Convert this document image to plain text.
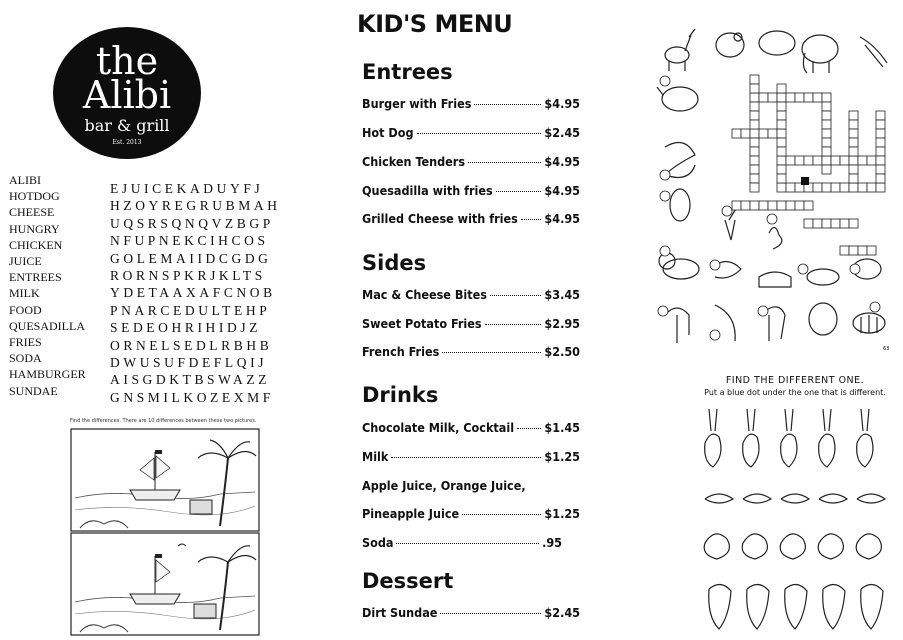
the
Alibi
bar & grill
Est. 2013
ALIBI
HOTDOG
CHEESE
HUNGRY
CHICKEN
JUICE
ENTREES
MILK
FOOD
QUESADILLA
FRIES
SODA
HAMBURGER
SUNDAE
EJUICEKADUYFJ
HZOYREGRUBMAH
UQSRSQNQVZBGP
NFUPNEKCIHCOS
GOLEMAIIDCGDG
RORNSPKRJKLTS
YDETAAXAFCNOB
PNARCEDULTEHP
SEDEOHRIHIDJZ
ORNELSEDLRBHB
DWUSUFDEFLQIJ
AISGDKTBSWAZZ
GNSMILKOZEXMF
Find the differences. There are 10 differences between these two pictures.
KID'S MENU
Entrees
Burger with Fries	$4.95
Hot Dog	$2.45
Chicken Tenders	$4.95
Quesadilla with fries	$4.95
Grilled Cheese with fries $4.95
Sides
Mac & Cheese Bites	$3.45
Sweet Potato Fries	$2.95
French Fries	$2.50
Drinks
Chocolate Milk, Cocktail $1.45
Milk	$1.25
Apple Juice, Orange Juice,
Pineapple Juice	$1.25
Soda	.95
Dessert
Dirt Sundae	$2.45
63
FIND THE DIFFERENT ONE.
Put a blue dot under the one that is different.
